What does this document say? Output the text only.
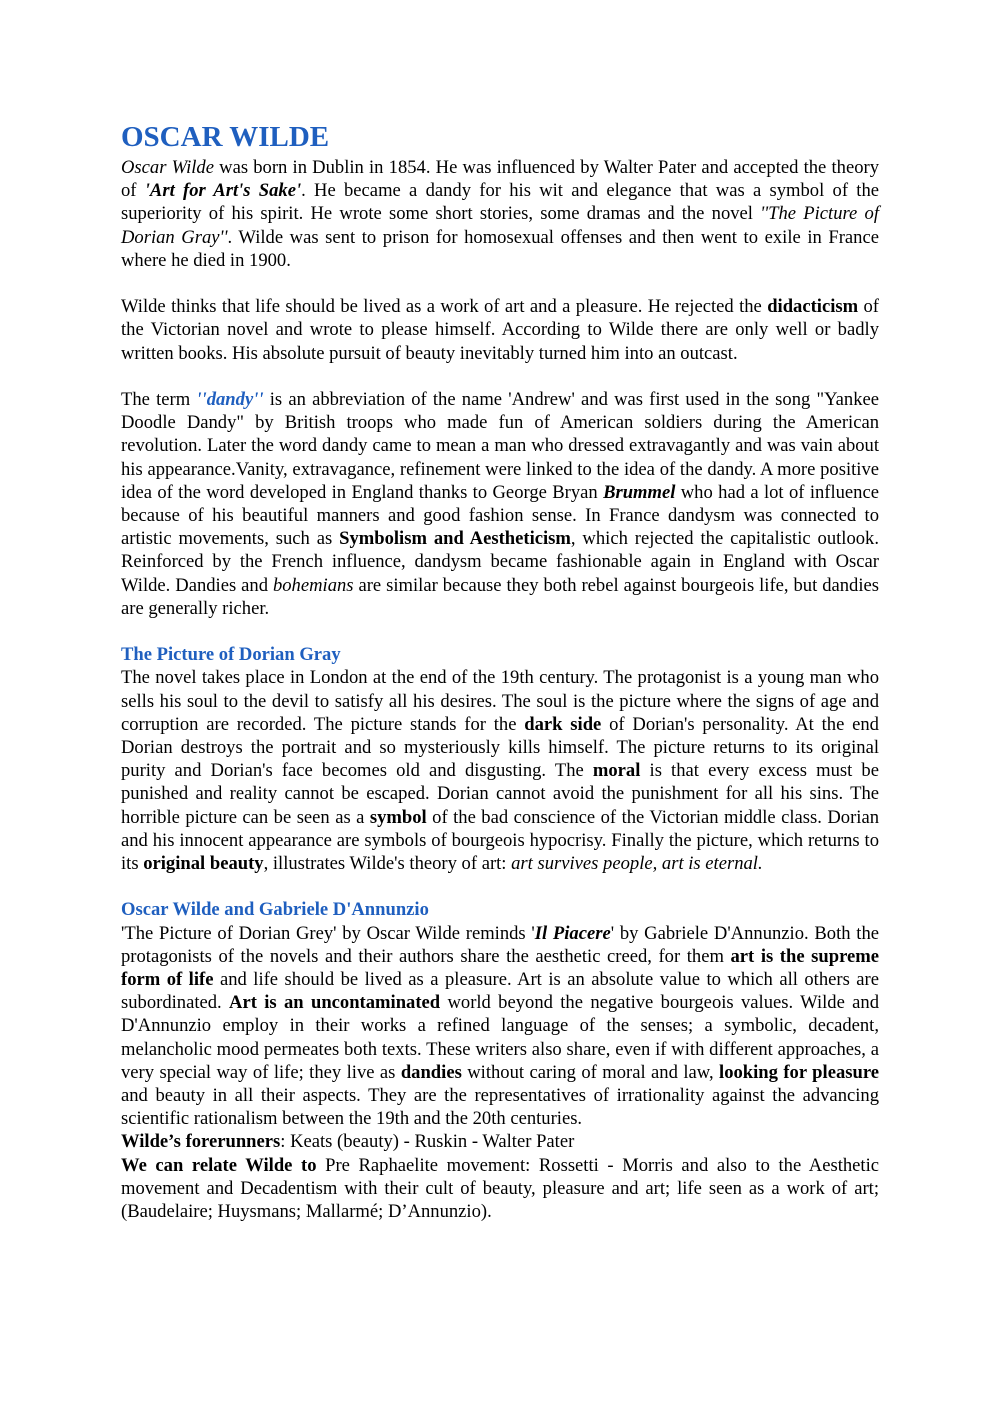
OSCAR WILDE

Oscar Wilde was born in Dublin in 1854. He was influenced by Walter Pater and accepted the theory of 'Art for Art's Sake'. He became a dandy for his wit and elegance that was a symbol of the superiority of his spirit. He wrote some short stories, some dramas and the novel ''The Picture of Dorian Gray''. Wilde was sent to prison for homosexual offenses and then went to exile in France where he died in 1900.

Wilde thinks that life should be lived as a work of art and a pleasure. He rejected the didacticism of the Victorian novel and wrote to please himself. According to Wilde there are only well or badly written books. His absolute pursuit of beauty inevitably turned him into an outcast.

The term ''dandy'' is an abbreviation of the name 'Andrew' and was first used in the song "Yankee Doodle Dandy" by British troops who made fun of American soldiers during the American revolution. Later the word dandy came to mean a man who dressed extravagantly and was vain about his appearance.Vanity, extravagance, refinement were linked to the idea of the dandy. A more positive idea of the word developed in England thanks to George Bryan Brummel who had a lot of influence because of his beautiful manners and good fashion sense. In France dandysm was connected to artistic movements, such as Symbolism and Aestheticism, which rejected the capitalistic outlook. Reinforced by the French influence, dandysm became fashionable again in England with Oscar Wilde. Dandies and bohemians are similar because they both rebel against bourgeois life, but dandies are generally richer.

The Picture of Dorian Gray

The novel takes place in London at the end of the 19th century. The protagonist is a young man who sells his soul to the devil to satisfy all his desires. The soul is the picture where the signs of age and corruption are recorded. The picture stands for the dark side of Dorian's personality. At the end Dorian destroys the portrait and so mysteriously kills himself. The picture returns to its original purity and Dorian's face becomes old and disgusting. The moral is that every excess must be punished and reality cannot be escaped. Dorian cannot avoid the punishment for all his sins. The horrible picture can be seen as a symbol of the bad conscience of the Victorian middle class. Dorian and his innocent appearance are symbols of bourgeois hypocrisy. Finally the picture, which returns to its original beauty, illustrates Wilde's theory of art: art survives people, art is eternal.

Oscar Wilde and Gabriele D'Annunzio

'The Picture of Dorian Grey' by Oscar Wilde reminds 'Il Piacere' by Gabriele D'Annunzio. Both the protagonists of the novels and their authors share the aesthetic creed, for them art is the supreme form of life and life should be lived as a pleasure. Art is an absolute value to which all others are subordinated. Art is an uncontaminated world beyond the negative bourgeois values. Wilde and D'Annunzio employ in their works a refined language of the senses; a symbolic, decadent, melancholic mood permeates both texts. These writers also share, even if with different approaches, a very special way of life; they live as dandies without caring of moral and law, looking for pleasure and beauty in all their aspects. They are the representatives of irrationality against the advancing scientific rationalism between the 19th and the 20th centuries.

Wilde’s forerunners: Keats (beauty) - Ruskin - Walter Pater

We can relate Wilde to Pre Raphaelite movement: Rossetti - Morris and also to the Aesthetic movement and Decadentism with their cult of beauty, pleasure and art; life seen as a work of art; (Baudelaire; Huysmans; Mallarmé; D’Annunzio).
